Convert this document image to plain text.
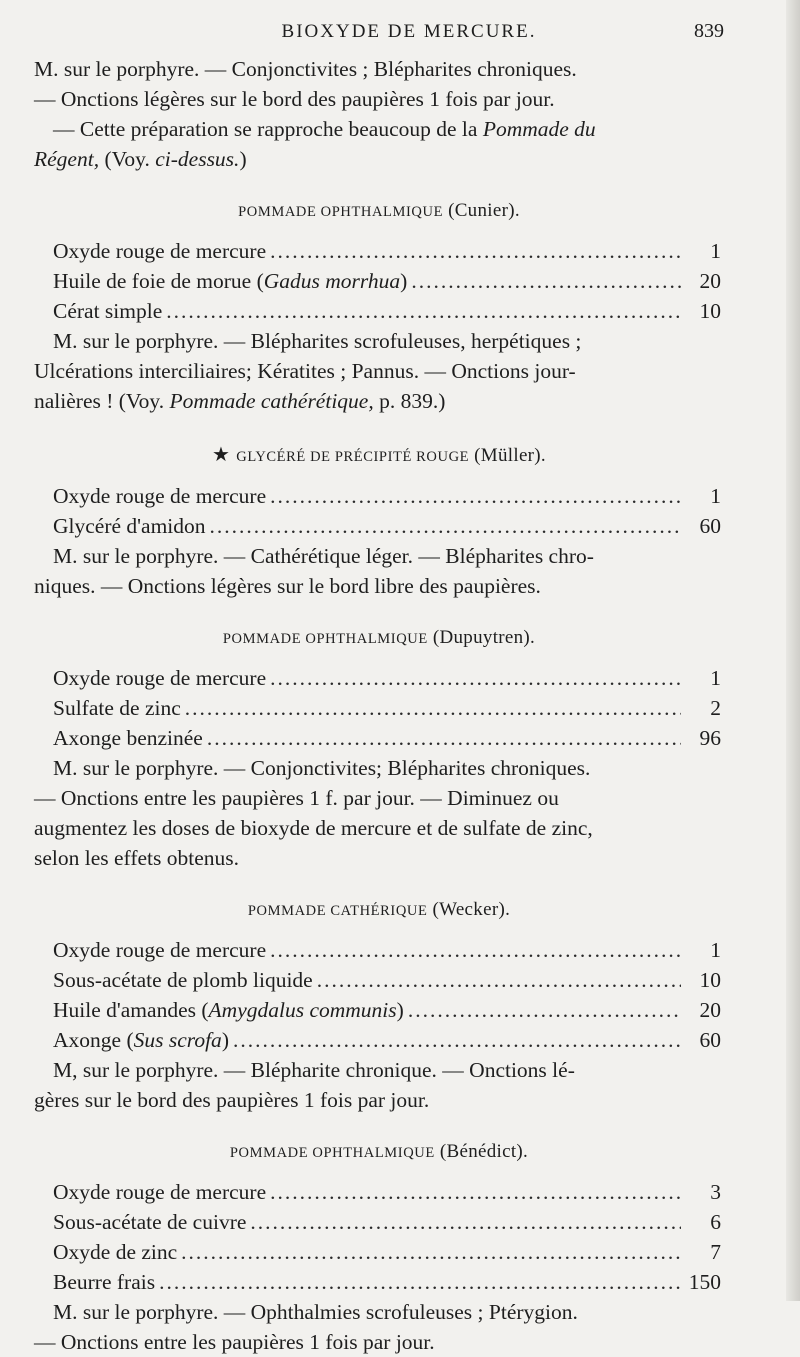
BIOXYDE DE MERCURE.	839

M. sur le porphyre. — Conjonctivites ; Blépharites chroniques.

— Onctions légères sur le bord des paupières 1 fois par jour.

— Cette préparation se rapproche beaucoup de la Pommade du

Régent, (Voy. ci-dessus.)

POMMADE OPHTHALMIQUE (Cunier).
Oxyde rouge de mercure .....	1
Huile de foie de morue (Gadus morrhua) .....	20
Cérat simple .....	10

M. sur le porphyre. — Blépharites scrofuleuses, herpétiques ;

Ulcérations interciliaires; Kératites ; Pannus. — Onctions jour-

nalières ! (Voy. Pommade cathérétique, p. 839.)

★ GLYCÉRÉ DE PRÉCIPITÉ ROUGE (Müller).
Oxyde rouge de mercure .....	1
Glycéré d'amidon .....	60

M. sur le porphyre. — Cathérétique léger. — Blépharites chro-

niques. — Onctions légères sur le bord libre des paupières.

POMMADE OPHTHALMIQUE (Dupuytren).
Oxyde rouge de mercure .....	1
Sulfate de zinc .....	2
Axonge benzinée .....	96

M. sur le porphyre. — Conjonctivites; Blépharites chroniques.

— Onctions entre les paupières 1 f. par jour. — Diminuez ou

augmentez les doses de bioxyde de mercure et de sulfate de zinc,

selon les effets obtenus.

POMMADE CATHÉRIQUE (Wecker).
Oxyde rouge de mercure .....	1
Sous-acétate de plomb liquide .....	10
Huile d'amandes (Amygdalus communis) .....	20
Axonge (Sus scrofa) .....	60

M, sur le porphyre. — Blépharite chronique. — Onctions lé-

gères sur le bord des paupières 1 fois par jour.

POMMADE OPHTHALMIQUE (Bénédict).
Oxyde rouge de mercure .....	3
Sous-acétate de cuivre .....	6
Oxyde de zinc .....	7
Beurre frais .....	150

M. sur le porphyre. — Ophthalmies scrofuleuses ; Ptérygion.

— Onctions entre les paupières 1 fois par jour.
